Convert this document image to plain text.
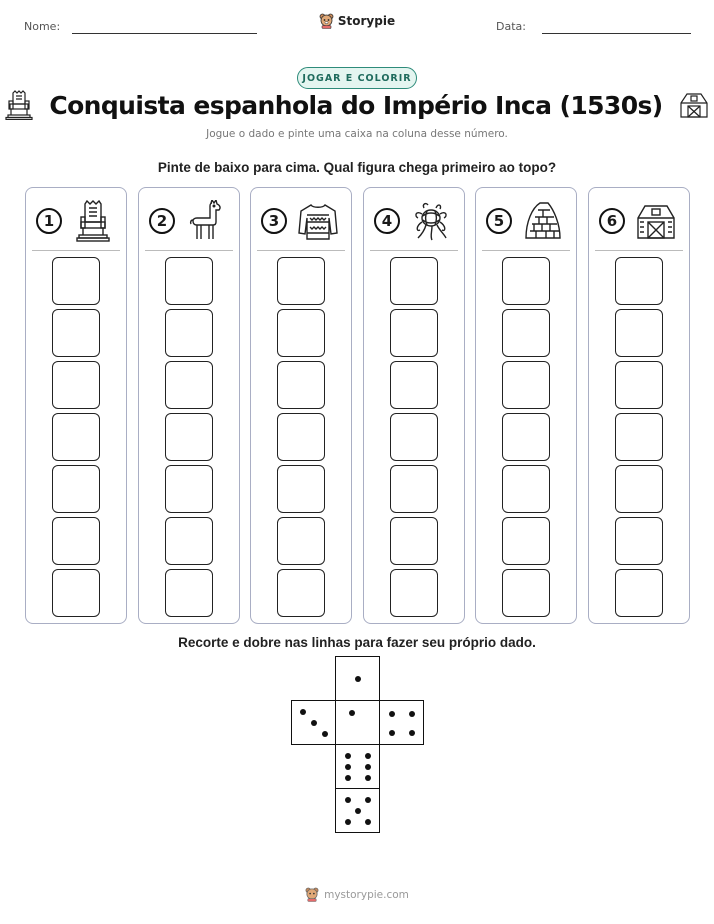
Nome:	Storypie	Data:
JOGAR E COLORIR
Conquista espanhola do Império Inca (1530s)
Jogue o dado e pinte uma caixa na coluna desse número.
Pinte de baixo para cima. Qual figura chega primeiro ao topo?
1	2	3	4	5	6
Recorte e dobre nas linhas para fazer seu próprio dado.
mystorypie.com
